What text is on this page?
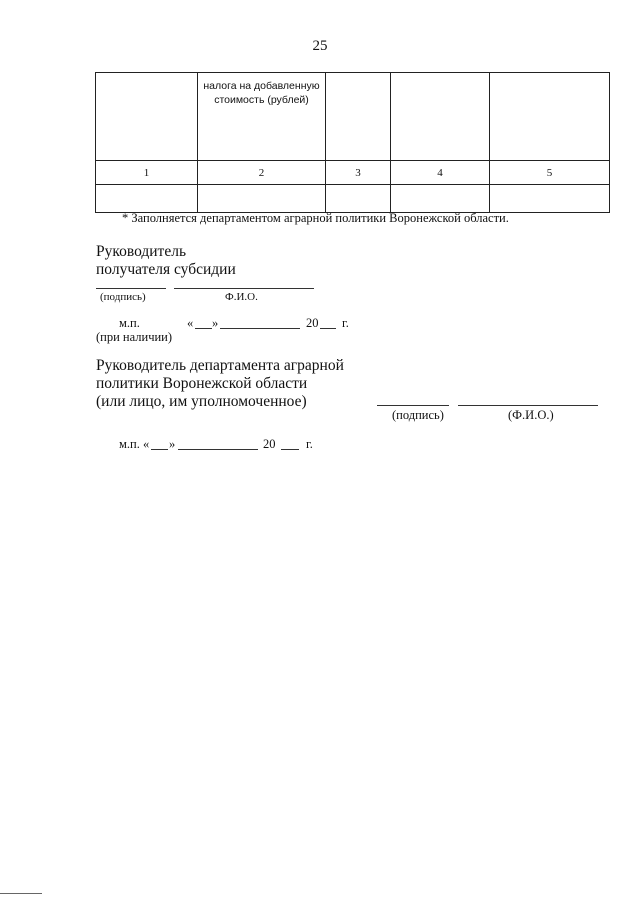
25

	налога на добавленную стоимость (рублей)			

1	2	3	4	5

* Заполняется департаментом аграрной политики Воронежской области.
Руководитель
получателя субсидии
(подпись)	Ф.И.О.
м.п.	« »	20 г.
(при наличии)
Руководитель департамента аграрной
политики Воронежской области
(или лицо, им уполномоченное)
(подпись)	(Ф.И.О.)
м.п. « »	20 г.
